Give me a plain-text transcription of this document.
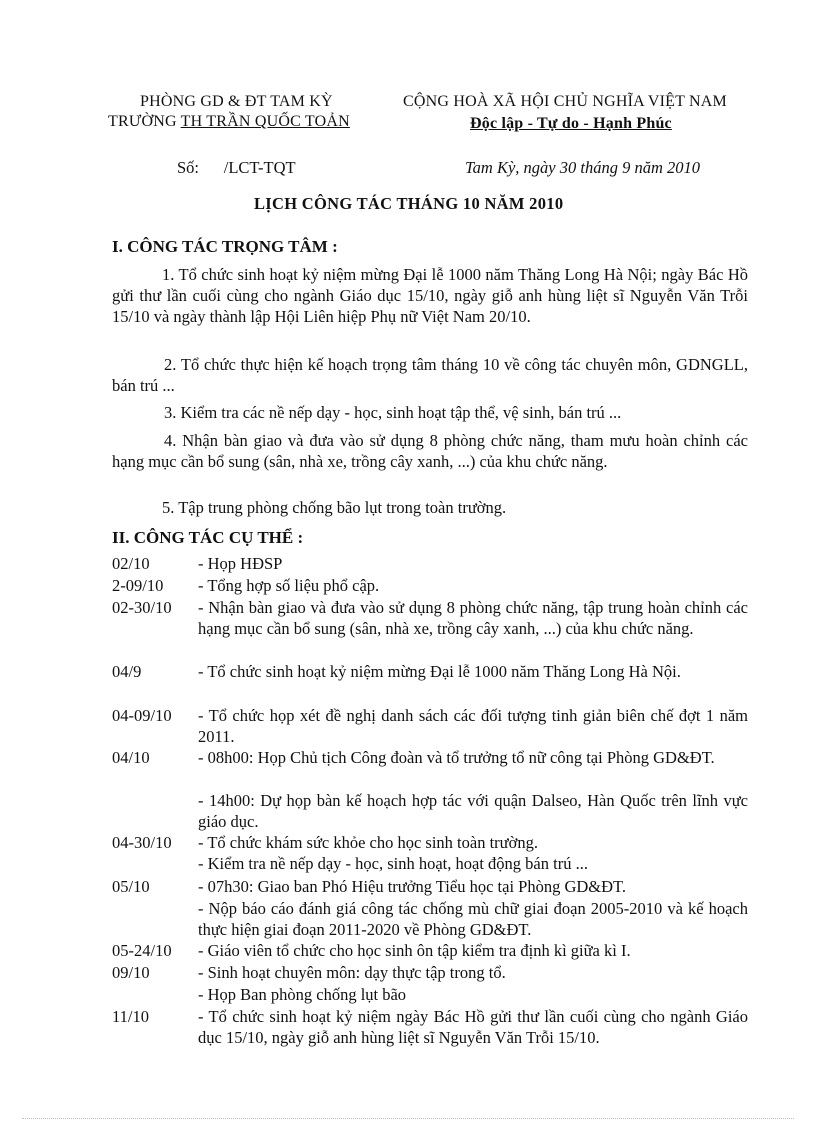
PHÒNG GD & ĐT TAM KỲ
TRƯỜNG TH TRẦN QUỐC TOẢN
CỘNG HOÀ XÃ HỘI CHỦ NGHĨA VIỆT NAM
Độc lập - Tự do - Hạnh Phúc
Số:      /LCT-TQT	Tam Kỳ, ngày 30 tháng 9 năm 2010
LỊCH CÔNG TÁC THÁNG 10 NĂM 2010
I. CÔNG TÁC TRỌNG TÂM :
1. Tổ chức sinh hoạt kỷ niệm mừng Đại lễ 1000 năm Thăng Long Hà Nội; ngày Bác Hồ gửi thư lần cuối cùng cho ngành Giáo dục 15/10, ngày giỗ anh hùng liệt sĩ Nguyễn Văn Trỗi 15/10 và ngày thành lập Hội Liên hiệp Phụ nữ Việt Nam 20/10.
2. Tổ chức thực hiện kế hoạch trọng tâm tháng 10 về công tác chuyên môn, GDNGLL, bán trú ...
3. Kiểm tra các nề nếp dạy - học, sinh hoạt tập thể, vệ sinh, bán trú ...
4. Nhận bàn giao và đưa vào sử dụng 8 phòng chức năng, tham mưu hoàn chỉnh các hạng mục cần bổ sung (sân, nhà xe, trồng cây xanh, ...) của khu chức năng.
5. Tập trung phòng chống bão lụt trong toàn trường.
II. CÔNG TÁC CỤ THỂ :
02/10	- Họp HĐSP
2-09/10	- Tổng hợp số liệu phổ cập.
02-30/10	- Nhận bàn giao và đưa vào sử dụng 8 phòng chức năng, tập trung hoàn chỉnh các hạng mục cần bổ sung (sân, nhà xe, trồng cây xanh, ...) của khu chức năng.
04/9	- Tổ chức sinh hoạt kỷ niệm mừng Đại lễ 1000 năm Thăng Long Hà Nội.
04-09/10	- Tổ chức họp xét đề nghị danh sách các đối tượng tinh giản biên chế đợt 1 năm 2011.
04/10	- 08h00: Họp Chủ tịch Công đoàn và tổ trưởng tổ nữ công tại Phòng GD&ĐT.
- 14h00: Dự họp bàn kế hoạch hợp tác với quận Dalseo, Hàn Quốc trên lĩnh vực giáo dục.
04-30/10	- Tổ chức khám sức khỏe cho học sinh toàn trường.
- Kiểm tra nề nếp dạy - học, sinh hoạt, hoạt động bán trú ...
05/10	- 07h30: Giao ban Phó Hiệu trưởng Tiểu học tại Phòng GD&ĐT.
- Nộp báo cáo đánh giá công tác chống mù chữ giai đoạn 2005-2010 và kế hoạch thực hiện giai đoạn 2011-2020 về Phòng GD&ĐT.
05-24/10	- Giáo viên tổ chức cho học sinh ôn tập kiểm tra định kì giữa kì I.
09/10	- Sinh hoạt chuyên môn: dạy thực tập trong tổ.
- Họp Ban phòng chống lụt bão
11/10	- Tổ chức sinh hoạt kỷ niệm ngày Bác Hồ gửi thư lần cuối cùng cho ngành Giáo dục 15/10, ngày giỗ anh hùng liệt sĩ Nguyễn Văn Trỗi 15/10.
